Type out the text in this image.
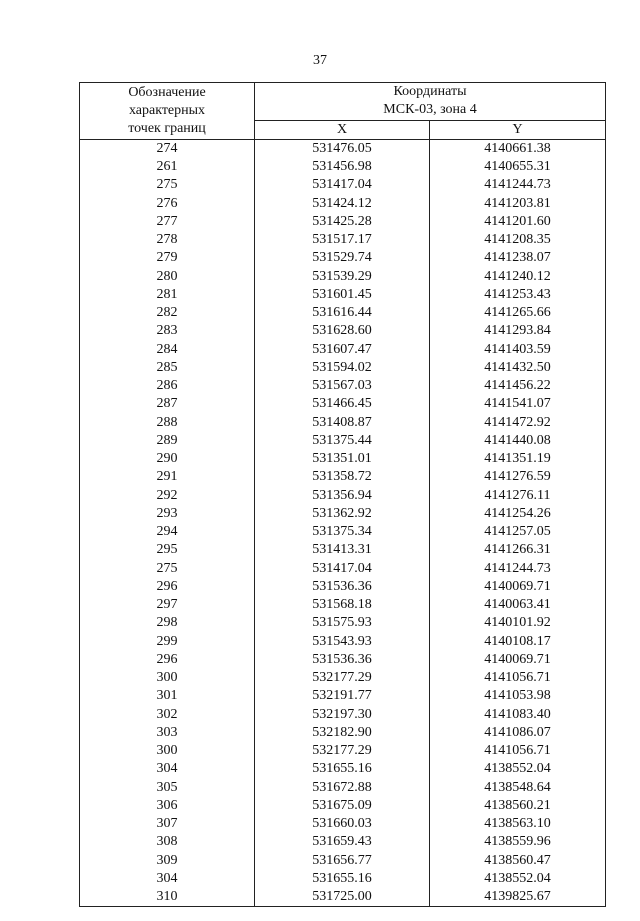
37
Обозначение
характерных
точек границ	Координаты
МСК-03, зона 4	

	X	Y
274	531476.05	4140661.38
261	531456.98	4140655.31
275	531417.04	4141244.73
276	531424.12	4141203.81
277	531425.28	4141201.60
278	531517.17	4141208.35
279	531529.74	4141238.07
280	531539.29	4141240.12
281	531601.45	4141253.43
282	531616.44	4141265.66
283	531628.60	4141293.84
284	531607.47	4141403.59
285	531594.02	4141432.50
286	531567.03	4141456.22
287	531466.45	4141541.07
288	531408.87	4141472.92
289	531375.44	4141440.08
290	531351.01	4141351.19
291	531358.72	4141276.59
292	531356.94	4141276.11
293	531362.92	4141254.26
294	531375.34	4141257.05
295	531413.31	4141266.31
275	531417.04	4141244.73
296	531536.36	4140069.71
297	531568.18	4140063.41
298	531575.93	4140101.92
299	531543.93	4140108.17
296	531536.36	4140069.71
300	532177.29	4141056.71
301	532191.77	4141053.98
302	532197.30	4141083.40
303	532182.90	4141086.07
300	532177.29	4141056.71
304	531655.16	4138552.04
305	531672.88	4138548.64
306	531675.09	4138560.21
307	531660.03	4138563.10
308	531659.43	4138559.96
309	531656.77	4138560.47
304	531655.16	4138552.04
310	531725.00	4139825.67
